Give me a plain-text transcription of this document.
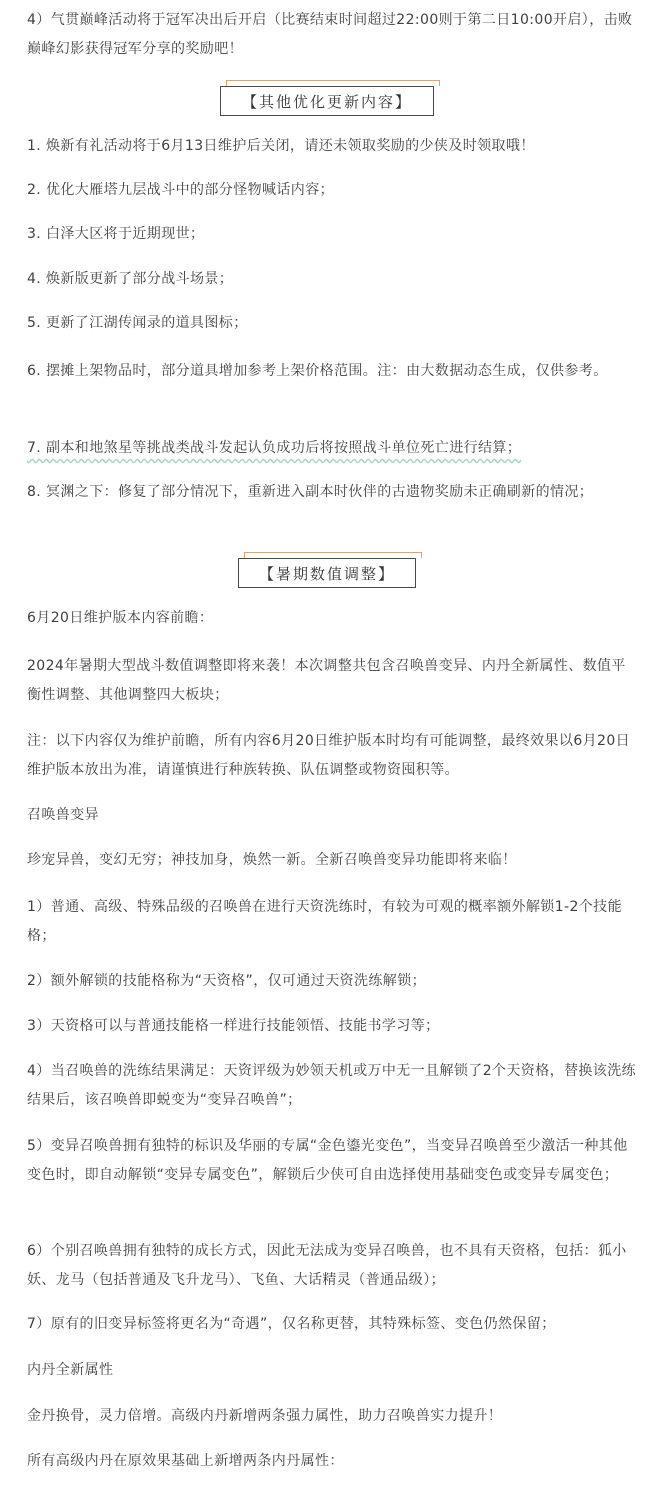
4）气贯巅峰活动将于冠军决出后开启（比赛结束时间超过22:00则于第二日10:00开启），击败巅峰幻影获得冠军分享的奖励吧！

【其他优化更新内容】

1. 焕新有礼活动将于6月13日维护后关闭，请还未领取奖励的少侠及时领取哦！

2. 优化大雁塔九层战斗中的部分怪物喊话内容；

3. 白泽大区将于近期现世；

4. 焕新版更新了部分战斗场景；

5. 更新了江湖传闻录的道具图标；

6. 摆摊上架物品时，部分道具增加参考上架价格范围。注：由大数据动态生成，仅供参考。

7. 副本和地煞星等挑战类战斗发起认负成功后将按照战斗单位死亡进行结算；

8. 冥渊之下：修复了部分情况下，重新进入副本时伙伴的古遗物奖励未正确刷新的情况；

【暑期数值调整】

6月20日维护版本内容前瞻：

2024年暑期大型战斗数值调整即将来袭！本次调整共包含召唤兽变异、内丹全新属性、数值平衡性调整、其他调整四大板块；

注：以下内容仅为维护前瞻，所有内容6月20日维护版本时均有可能调整，最终效果以6月20日维护版本放出为准，请谨慎进行种族转换、队伍调整或物资囤积等。

召唤兽变异

珍宠异兽，变幻无穷；神技加身，焕然一新。全新召唤兽变异功能即将来临！

1）普通、高级、特殊品级的召唤兽在进行天资洗练时，有较为可观的概率额外解锁1-2个技能格；

2）额外解锁的技能格称为“天资格”，仅可通过天资洗练解锁；

3）天资格可以与普通技能格一样进行技能领悟、技能书学习等；

4）当召唤兽的洗练结果满足：天资评级为妙领天机或万中无一且解锁了2个天资格，替换该洗练结果后，该召唤兽即蜕变为“变异召唤兽”；

5）变异召唤兽拥有独特的标识及华丽的专属“金色鎏光变色”，当变异召唤兽至少激活一种其他变色时，即自动解锁“变异专属变色”，解锁后少侠可自由选择使用基础变色或变异专属变色；

6）个别召唤兽拥有独特的成长方式，因此无法成为变异召唤兽，也不具有天资格，包括：狐小妖、龙马（包括普通及飞升龙马）、飞鱼、大话精灵（普通品级）；

7）原有的旧变异标签将更名为“奇遇”，仅名称更替，其特殊标签、变色仍然保留；

内丹全新属性

金丹换骨，灵力倍增。高级内丹新增两条强力属性，助力召唤兽实力提升！

所有高级内丹在原效果基础上新增两条内丹属性：
